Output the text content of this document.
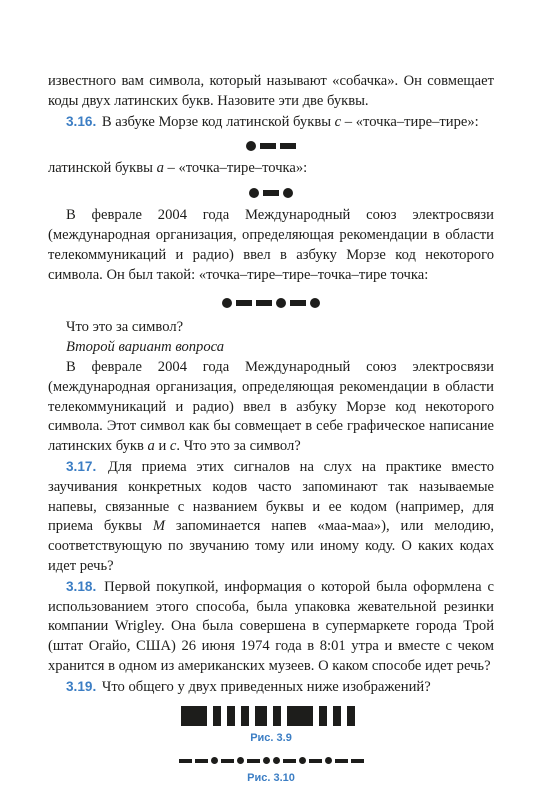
известного вам символа, который называют «собачка». Он совмещает коды двух латинских букв. Назовите эти две буквы.

3.16. В азбуке Морзе код латинской буквы с – «точка–тире–тире»:

латинской буквы а – «точка–тире–точка»:

В феврале 2004 года Международный союз электросвязи (международная организация, определяющая рекомендации в области телекоммуникаций и радио) ввел в азбуку Морзе код некоторого символа. Он был такой: «точка–тире–тире–точка–тире точка:

Что это за символ?

Второй вариант вопроса

В феврале 2004 года Международный союз электросвязи (международная организация, определяющая рекомендации в области телекоммуникаций и радио) ввел в азбуку Морзе код некоторого символа. Этот символ как бы совмещает в себе графическое написание латинских букв а и с. Что это за символ?

3.17. Для приема этих сигналов на слух на практике вместо заучивания конкретных кодов часто запоминают так называемые напевы, связанные с названием буквы и ее кодом (например, для приема буквы М запоминается напев «маа-маа»), или мелодию, соответствующую по звучанию тому или иному коду. О каких кодах идет речь?

3.18. Первой покупкой, информация о которой была оформлена с использованием этого способа, была упаковка жевательной резинки компании Wrigley. Она была совершена в супермаркете города Трой (штат Огайо, США) 26 июня 1974 года в 8:01 утра и вместе с чеком хранится в одном из американских музеев. О каком способе идет речь?

3.19. Что общего у двух приведенных ниже изображений?

Рис. 3.9
Рис. 3.10
